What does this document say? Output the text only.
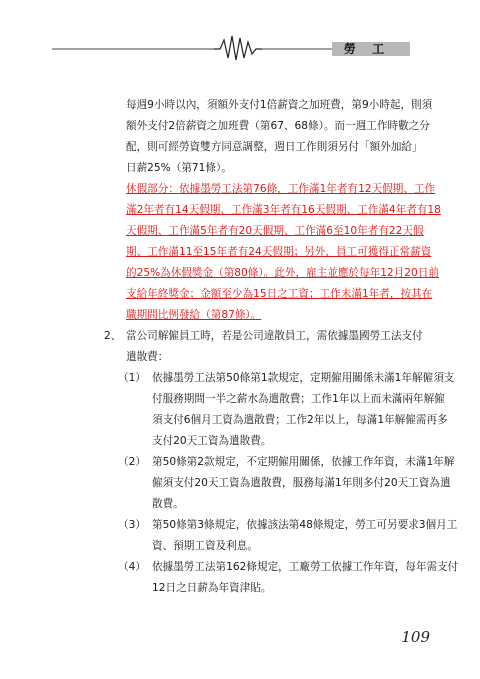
勞 工

每週9小時以內，須額外支付1倍薪資之加班費，第9小時起，則須

額外支付2倍薪資之加班費（第67、68條）。而一週工作時數之分

配，則可經勞資雙方同意調整，週日工作則須另付「額外加給」

日薪25%（第71條）。

休假部分：依據墨勞工法第76條，工作滿1年者有12天假期、工作

滿2年者有14天假期、工作滿3年者有16天假期、工作滿4年者有18

天假期、工作滿5年者有20天假期、工作滿6至10年者有22天假

期、工作滿11至15年者有24天假期；另外，員工可獲得正常薪資

的25%為休假獎金（第80條）。此外，雇主並應於每年12月20日前

支給年終獎金；金額至少為15日之工資；工作未滿1年者，按其在

職期間比例發給（第87條）。

2、 當公司解僱員工時，若是公司違散員工，需依據墨國勞工法支付

遣散費：

（1） 依據墨勞工法第50條第1款規定，定期僱用關係未滿1年解僱須支

付服務期間一半之薪水為遣散費；工作1年以上而未滿兩年解僱

須支付6個月工資為遣散費；工作2年以上，每滿1年解僱需再多

支付20天工資為遣散費。

（2） 第50條第2款規定，不定期僱用關係，依據工作年資，未滿1年解

僱須支付20天工資為遣散費，服務每滿1年則多付20天工資為遣

散費。

（3） 第50條第3條規定，依據該法第48條規定，勞工可另要求3個月工

資、預期工資及利息。

（4） 依據墨勞工法第162條規定，工廠勞工依據工作年資，每年需支付

12日之日薪為年資津貼。

109
